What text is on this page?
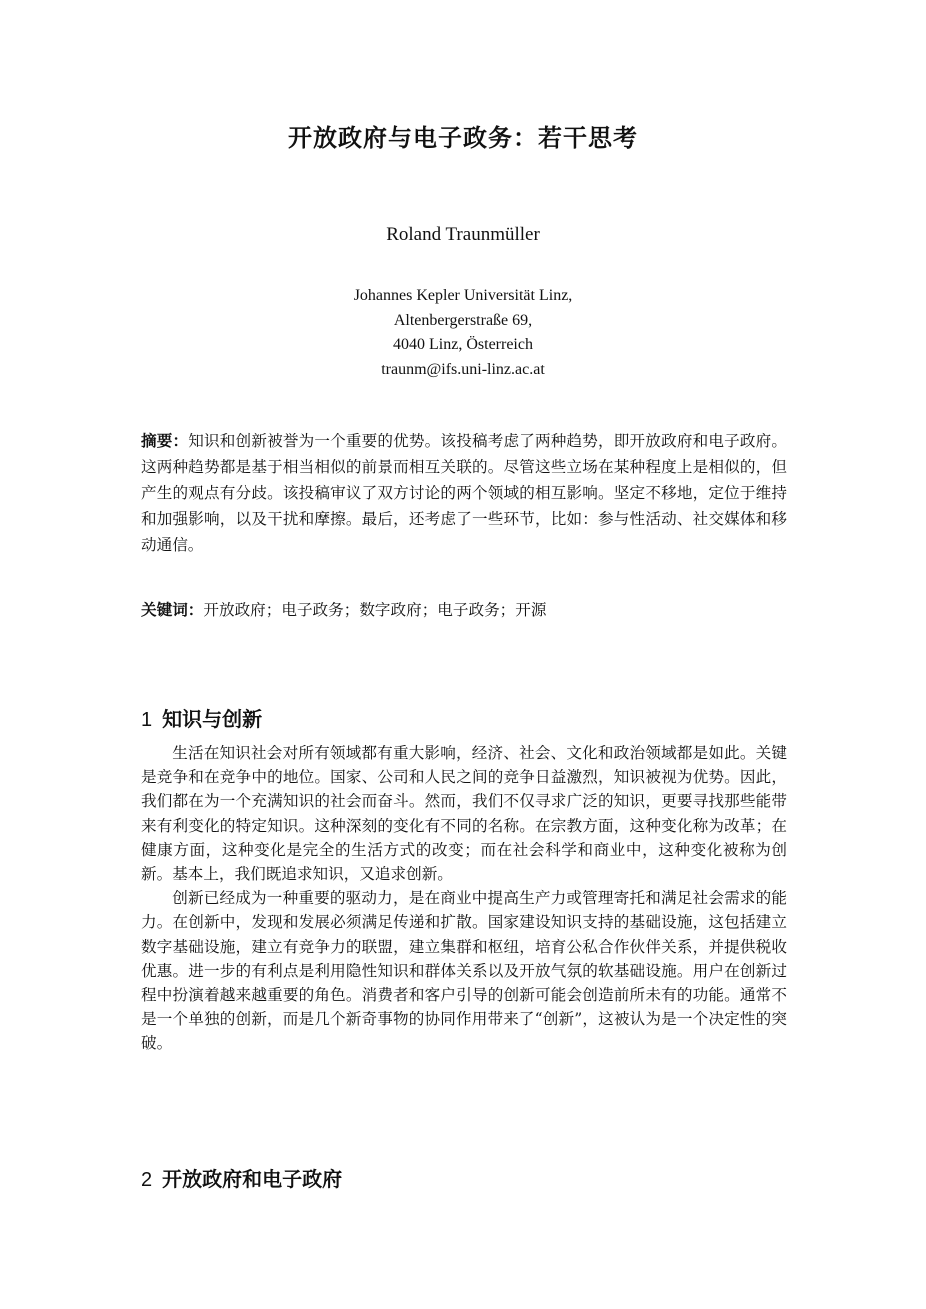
开放政府与电子政务：若干思考
Roland Traunmüller
Johannes Kepler Universität Linz,
Altenbergerstraße 69,
4040 Linz, Österreich
traunm@ifs.uni-linz.ac.at
摘要：知识和创新被誉为一个重要的优势。该投稿考虑了两种趋势，即开放政府和电子政府。这两种趋势都是基于相当相似的前景而相互关联的。尽管这些立场在某种程度上是相似的，但产生的观点有分歧。该投稿审议了双方讨论的两个领域的相互影响。坚定不移地，定位于维持和加强影响，以及干扰和摩擦。最后，还考虑了一些环节，比如：参与性活动、社交媒体和移动通信。
关键词：开放政府；电子政务；数字政府；电子政务；开源
1 知识与创新

生活在知识社会对所有领域都有重大影响，经济、社会、文化和政治领域都是如此。关键是竞争和在竞争中的地位。国家、公司和人民之间的竞争日益激烈，知识被视为优势。因此，我们都在为一个充满知识的社会而奋斗。然而，我们不仅寻求广泛的知识，更要寻找那些能带来有利变化的特定知识。这种深刻的变化有不同的名称。在宗教方面，这种变化称为改革；在健康方面，这种变化是完全的生活方式的改变；而在社会科学和商业中，这种变化被称为创新。基本上，我们既追求知识，又追求创新。

创新已经成为一种重要的驱动力，是在商业中提高生产力或管理寄托和满足社会需求的能力。在创新中，发现和发展必须满足传递和扩散。国家建设知识支持的基础设施，这包括建立数字基础设施，建立有竞争力的联盟，建立集群和枢纽，培育公私合作伙伴关系，并提供税收优惠。进一步的有利点是利用隐性知识和群体关系以及开放气氛的软基础设施。用户在创新过程中扮演着越来越重要的角色。消费者和客户引导的创新可能会创造前所未有的功能。通常不是一个单独的创新，而是几个新奇事物的协同作用带来了“创新”，这被认为是一个决定性的突破。

2 开放政府和电子政府
